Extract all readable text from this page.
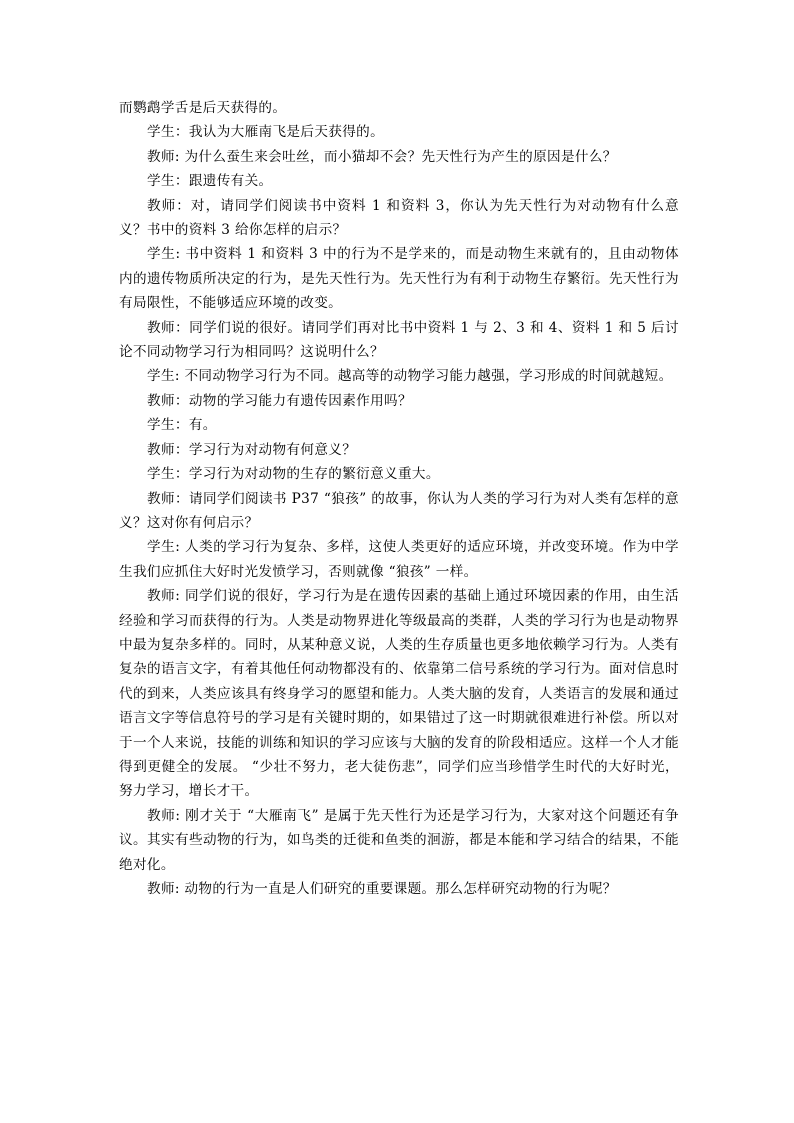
而鹦鹉学舌是后天获得的。

学生：我认为大雁南飞是后天获得的。

教师: 为什么蚕生来会吐丝，而小猫却不会？先天性行为产生的原因是什么？

学生：跟遗传有关。

教师：对，请同学们阅读书中资料 1 和资料 3，你认为先天性行为对动物有什么意义？书中的资料 3 给你怎样的启示？

学生: 书中资料 1 和资料 3 中的行为不是学来的，而是动物生来就有的，且由动物体内的遗传物质所决定的行为，是先天性行为。先天性行为有利于动物生存繁衍。先天性行为有局限性，不能够适应环境的改变。

教师：同学们说的很好。请同学们再对比书中资料 1 与 2、3 和 4、资料 1 和 5 后讨论不同动物学习行为相同吗？这说明什么？

学生: 不同动物学习行为不同。越高等的动物学习能力越强，学习形成的时间就越短。

教师：动物的学习能力有遗传因素作用吗？

学生：有。

教师：学习行为对动物有何意义？

学生：学习行为对动物的生存的繁衍意义重大。

教师：请同学们阅读书 P37 “狼孩” 的故事，你认为人类的学习行为对人类有怎样的意义？这对你有何启示？

学生: 人类的学习行为复杂、多样，这使人类更好的适应环境，并改变环境。作为中学生我们应抓住大好时光发愤学习，否则就像 “狼孩” 一样。

教师: 同学们说的很好，学习行为是在遗传因素的基础上通过环境因素的作用，由生活经验和学习而获得的行为。人类是动物界进化等级最高的类群，人类的学习行为也是动物界中最为复杂多样的。同时，从某种意义说，人类的生存质量也更多地依赖学习行为。人类有复杂的语言文字，有着其他任何动物都没有的、依靠第二信号系统的学习行为。面对信息时代的到来，人类应该具有终身学习的愿望和能力。人类大脑的发育，人类语言的发展和通过语言文字等信息符号的学习是有关键时期的，如果错过了这一时期就很难进行补偿。所以对于一个人来说，技能的训练和知识的学习应该与大脑的发育的阶段相适应。这样一个人才能得到更健全的发展。 “少壮不努力，老大徒伤悲”，同学们应当珍惜学生时代的大好时光，努力学习，增长才干。

教师: 刚才关于 “大雁南飞” 是属于先天性行为还是学习行为，大家对这个问题还有争议。其实有些动物的行为，如鸟类的迁徙和鱼类的洄游，都是本能和学习结合的结果，不能绝对化。

教师: 动物的行为一直是人们研究的重要课题。那么怎样研究动物的行为呢？
